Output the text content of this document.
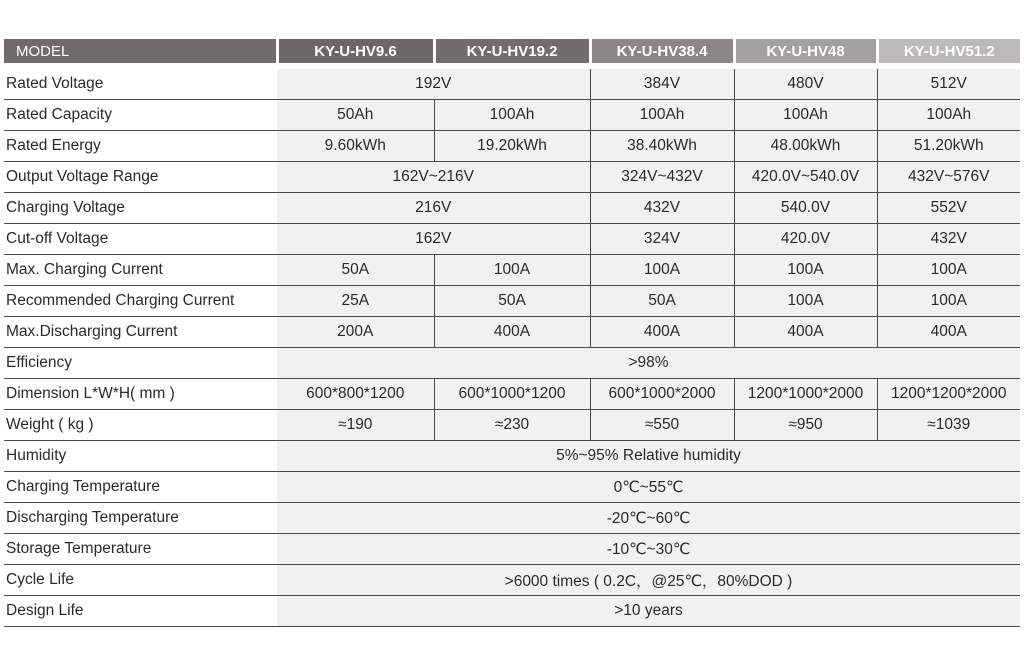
MODEL	KY-U-HV9.6	KY-U-HV19.2	KY-U-HV38.4	KY-U-HV48	KY-U-HV51.2

Rated Voltage	192V		384V	480V	512V
Rated Capacity	50Ah	100Ah	100Ah	100Ah	100Ah
Rated Energy	9.60kWh	19.20kWh	38.40kWh	48.00kWh	51.20kWh
Output Voltage Range	162V~216V		324V~432V	420.0V~540.0V	432V~576V
Charging Voltage	216V		432V	540.0V	552V
Cut-off Voltage	162V		324V	420.0V	432V
Max. Charging Current	50A	100A	100A	100A	100A
Recommended Charging Current	25A	50A	50A	100A	100A
Max.Discharging Current	200A	400A	400A	400A	400A
Efficiency	>98%				
Dimension L*W*H( mm )	600*800*1200	600*1000*1200	600*1000*2000	1200*1000*2000	1200*1200*2000
Weight ( kg )	≈190	≈230	≈550	≈950	≈1039
Humidity	5%~95% Relative humidity				
Charging Temperature	0℃~55℃				
Discharging Temperature	-20℃~60℃				
Storage Temperature	-10℃~30℃				
Cycle Life	>6000 times ( 0.2C，@25℃，80%DOD )				
Design Life	>10 years				
